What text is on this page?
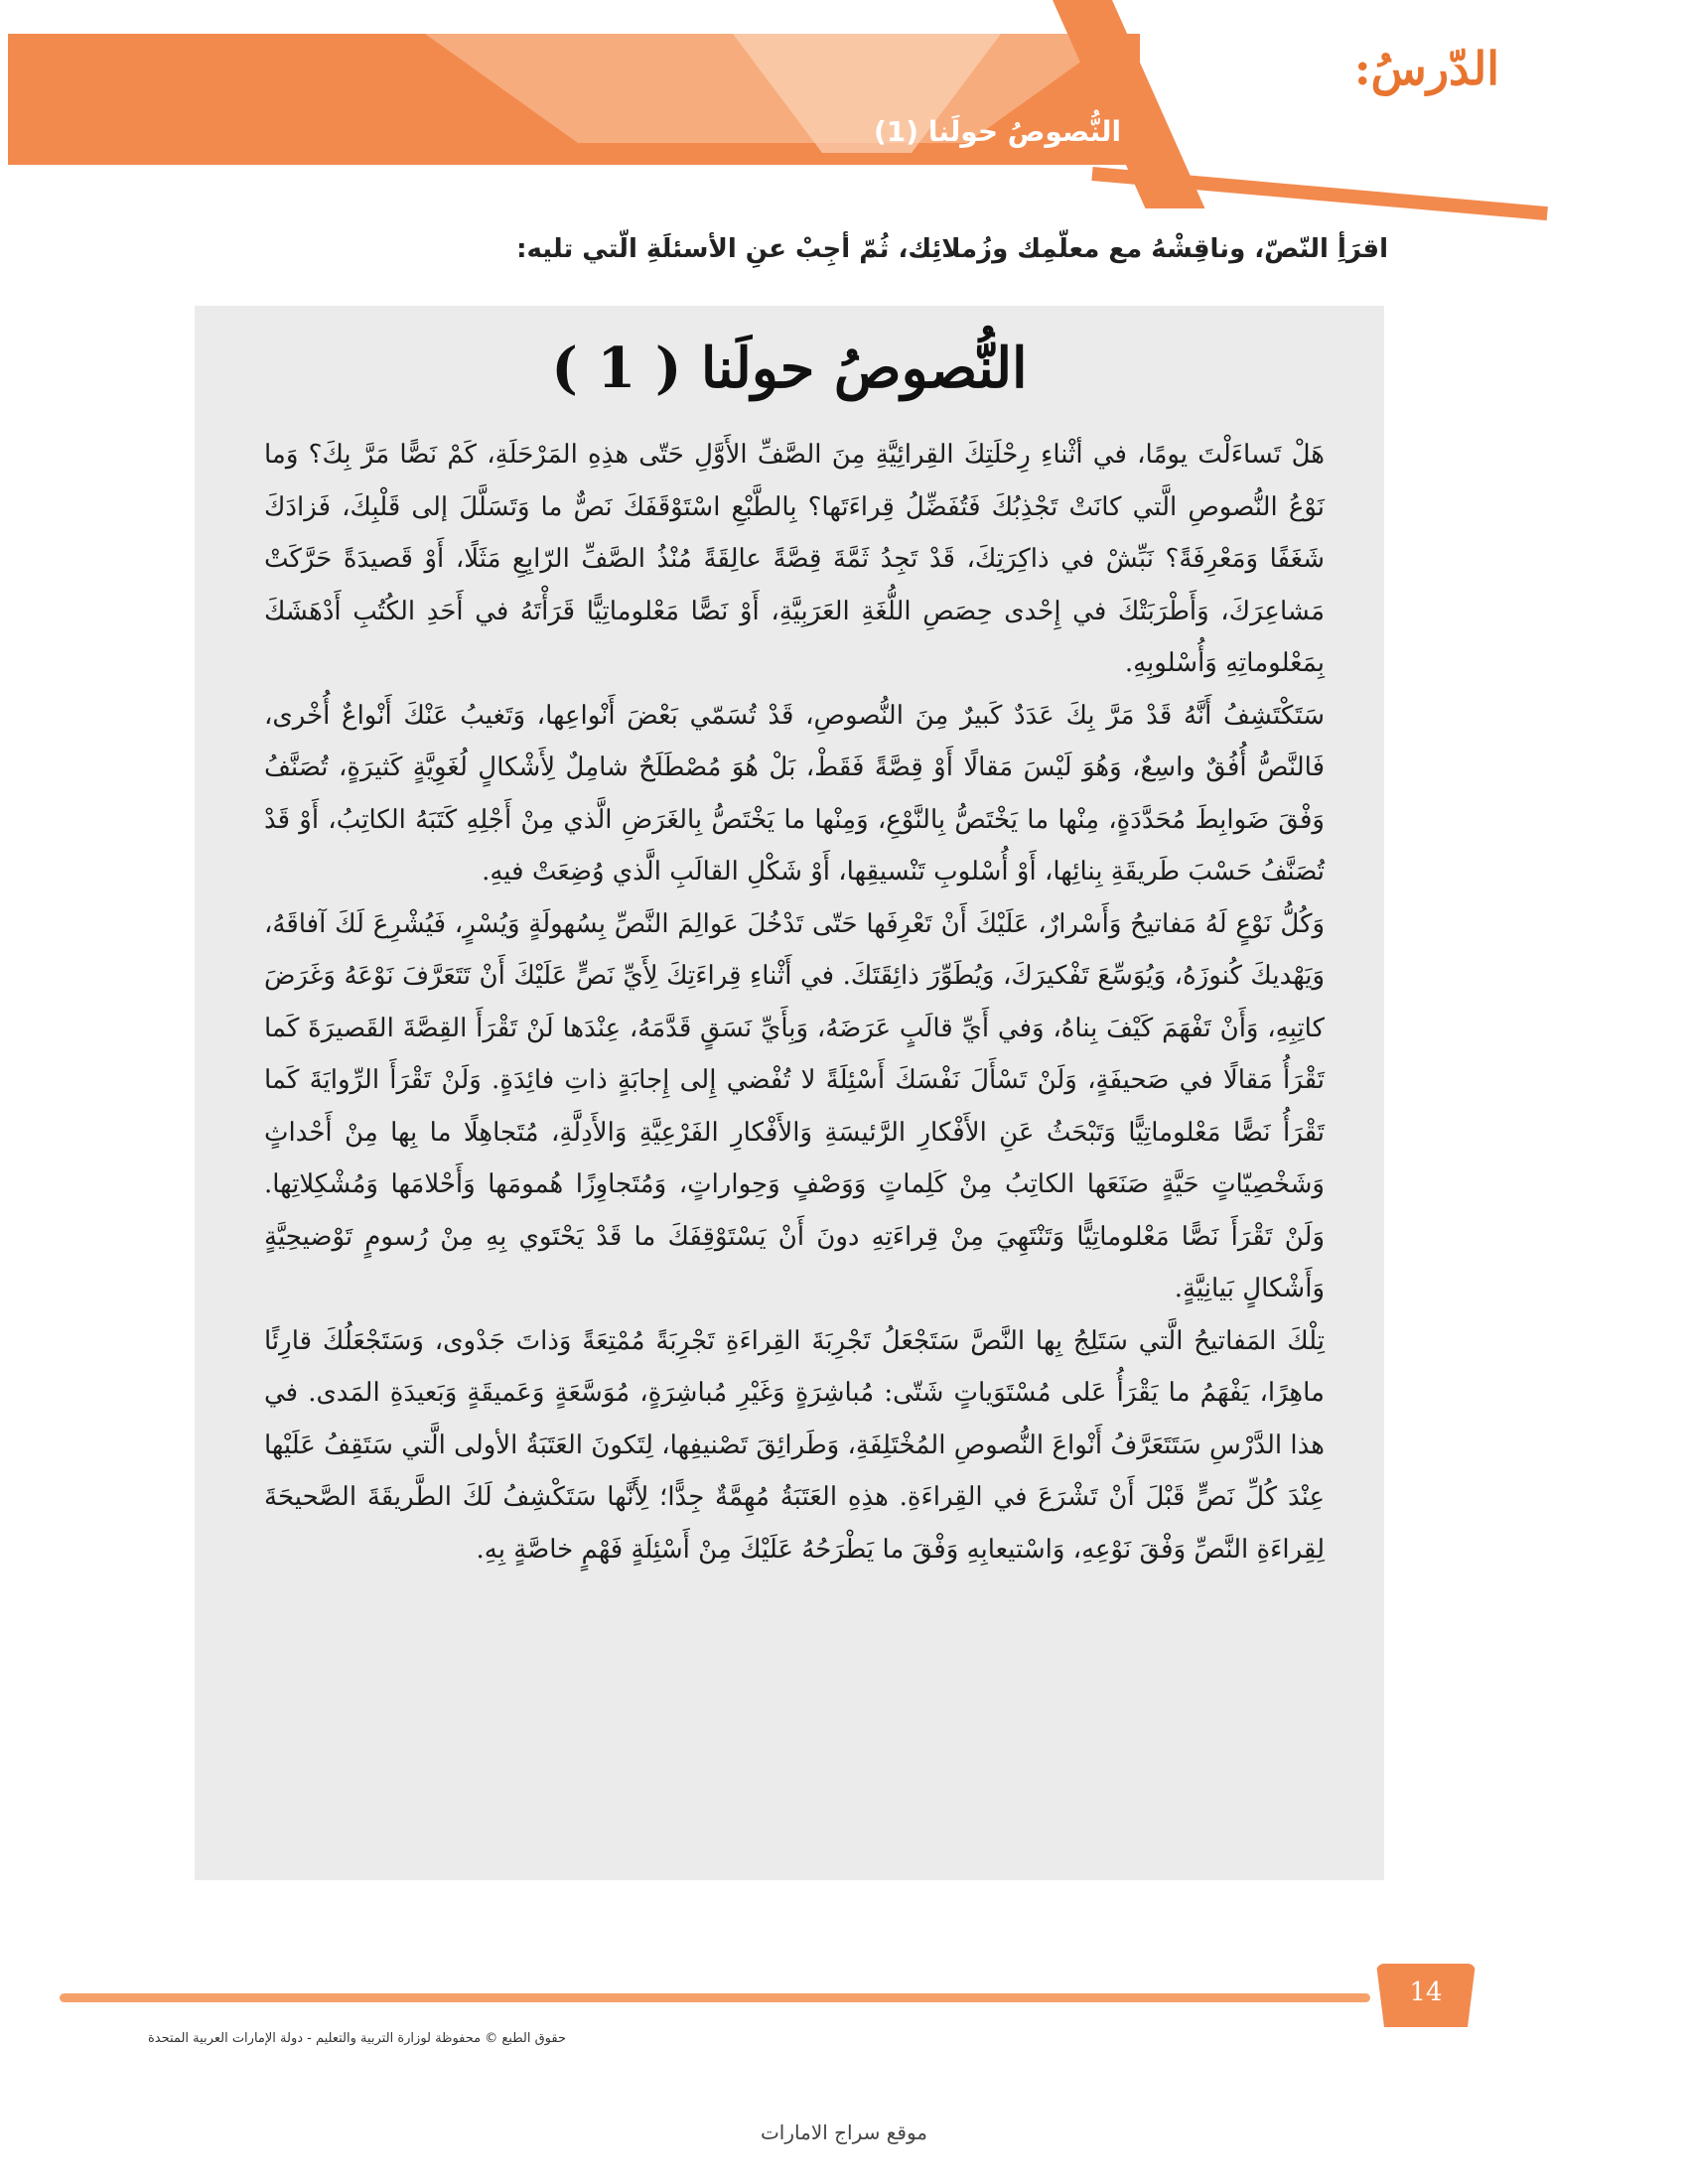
الدّرسُ:
النُّصوصُ حولَنا (1)
اقرَأِ النّصّ، وناقِشْهُ مع معلّمِك وزُملائِك، ثُمّ أجِبْ عنِ الأسئلَةِ الّتي تليه:
النُّصوصُ حولَنا ( 1 )

هَلْ تَساءَلْتَ يومًا، في أثْناءِ رِحْلَتِكَ القِرائِيَّةِ مِنَ الصَّفِّ الأَوَّلِ حَتّى هذِهِ المَرْحَلَةِ، كَمْ نَصًّا مَرَّ بِكَ؟ وَما نَوْعُ النُّصوصِ الَّتي كانَتْ تَجْذِبُكَ فَتُفَضِّلُ قِراءَتَها؟ بِالطَّبْعِ اسْتَوْقَفَكَ نَصٌّ ما وَتَسَلَّلَ إلى قَلْبِكَ، فَزادَكَ شَغَفًا وَمَعْرِفَةً؟ نَبِّشْ في ذاكِرَتِكَ، قَدْ تَجِدُ ثَمَّةَ قِصَّةً عالِقَةً مُنْذُ الصَّفِّ الرّابِعِ مَثَلًا، أَوْ قَصيدَةً حَرَّكَتْ مَشاعِرَكَ، وَأَطْرَبَتْكَ في إِحْدى حِصَصِ اللُّغَةِ العَرَبِيَّةِ، أَوْ نَصًّا مَعْلوماتِيًّا قَرَأْتَهُ في أَحَدِ الكُتُبِ أَدْهَشَكَ بِمَعْلوماتِهِ وَأُسْلوبِهِ.

سَتَكْتَشِفُ أَنَّهُ قَدْ مَرَّ بِكَ عَدَدٌ كَبيرٌ مِنَ النُّصوصِ، قَدْ تُسَمّي بَعْضَ أَنْواعِها، وَتَغيبُ عَنْكَ أَنْواعٌ أُخْرى، فَالنَّصُّ أُفُقٌ واسِعٌ، وَهُوَ لَيْسَ مَقالًا أَوْ قِصَّةً فَقَطْ، بَلْ هُوَ مُصْطَلَحٌ شامِلٌ لِأَشْكالٍ لُغَوِيَّةٍ كَثيرَةٍ، تُصَنَّفُ وَفْقَ ضَوابِطَ مُحَدَّدَةٍ، مِنْها ما يَخْتَصُّ بِالنَّوْعِ، وَمِنْها ما يَخْتَصُّ بِالغَرَضِ الَّذي مِنْ أَجْلِهِ كَتَبَهُ الكاتِبُ، أَوْ قَدْ تُصَنَّفُ حَسْبَ طَريقَةِ بِنائِها، أَوْ أُسْلوبِ تَنْسيقِها، أَوْ شَكْلِ القالَبِ الَّذي وُضِعَتْ فيهِ.

وَكُلُّ نَوْعٍ لَهُ مَفاتيحُ وَأَسْرارٌ، عَلَيْكَ أَنْ تَعْرِفَها حَتّى تَدْخُلَ عَوالِمَ النَّصِّ بِسُهولَةٍ وَيُسْرٍ، فَيُشْرِعَ لَكَ آفاقَهُ، وَيَهْديكَ كُنوزَهُ، وَيُوَسِّعَ تَفْكيرَكَ، وَيُطَوِّرَ ذائِقَتَكَ. في أَثْناءِ قِراءَتِكَ لِأَيِّ نَصٍّ عَلَيْكَ أَنْ تَتَعَرَّفَ نَوْعَهُ وَغَرَضَ كاتِبِهِ، وَأَنْ تَفْهَمَ كَيْفَ بِناهُ، وَفي أَيِّ قالَبٍ عَرَضَهُ، وَبِأَيِّ نَسَقٍ قَدَّمَهُ، عِنْدَها لَنْ تَقْرَأَ القِصَّةَ القَصيرَةَ كَما تَقْرَأُ مَقالًا في صَحيفَةٍ، وَلَنْ تَسْأَلَ نَفْسَكَ أَسْئِلَةً لا تُفْضي إِلى إِجابَةٍ ذاتِ فائِدَةٍ. وَلَنْ تَقْرَأَ الرِّوايَةَ كَما تَقْرَأُ نَصًّا مَعْلوماتِيًّا وَتَبْحَثُ عَنِ الأَفْكارِ الرَّئيسَةِ وَالأَفْكارِ الفَرْعِيَّةِ وَالأَدِلَّةِ، مُتَجاهِلًا ما بِها مِنْ أَحْداثٍ وَشَخْصِيّاتٍ حَيَّةٍ صَنَعَها الكاتِبُ مِنْ كَلِماتٍ وَوَصْفٍ وَحِواراتٍ، وَمُتَجاوِزًا هُمومَها وَأَحْلامَها وَمُشْكِلاتِها. وَلَنْ تَقْرَأَ نَصًّا مَعْلوماتِيًّا وَتَنْتَهِيَ مِنْ قِراءَتِهِ دونَ أَنْ يَسْتَوْقِفَكَ ما قَدْ يَحْتَوي بِهِ مِنْ رُسومٍ تَوْضيحِيَّةٍ وَأَشْكالٍ بَيانِيَّةٍ.

تِلْكَ المَفاتيحُ الَّتي سَتَلِجُ بِها النَّصَّ سَتَجْعَلُ تَجْرِبَةَ القِراءَةِ تَجْرِبَةً مُمْتِعَةً وَذاتَ جَدْوى، وَسَتَجْعَلُكَ قارِئًا ماهِرًا، يَفْهَمُ ما يَقْرَأُ عَلى مُسْتَوَياتٍ شَتّى: مُباشِرَةٍ وَغَيْرِ مُباشِرَةٍ، مُوَسَّعَةٍ وَعَميقَةٍ وَبَعيدَةِ المَدى. في هذا الدَّرْسِ سَتَتَعَرَّفُ أَنْواعَ النُّصوصِ المُخْتَلِفَةِ، وَطَرائِقَ تَصْنيفِها، لِتَكونَ العَتَبَةُ الأولى الَّتي سَتَقِفُ عَلَيْها عِنْدَ كُلِّ نَصٍّ قَبْلَ أَنْ تَشْرَعَ في القِراءَةِ. هذِهِ العَتَبَةُ مُهِمَّةٌ جِدًّا؛ لِأَنَّها سَتَكْشِفُ لَكَ الطَّريقَةَ الصَّحيحَةَ لِقِراءَةِ النَّصِّ وَفْقَ نَوْعِهِ، وَاسْتيعابِهِ وَفْقَ ما يَطْرَحُهُ عَلَيْكَ مِنْ أَسْئِلَةٍ فَهْمٍ خاصَّةٍ بِهِ.

14
حقوق الطبع © محفوظة لوزارة التربية والتعليم - دولة الإمارات العربية المتحدة
موقع سراج الامارات
